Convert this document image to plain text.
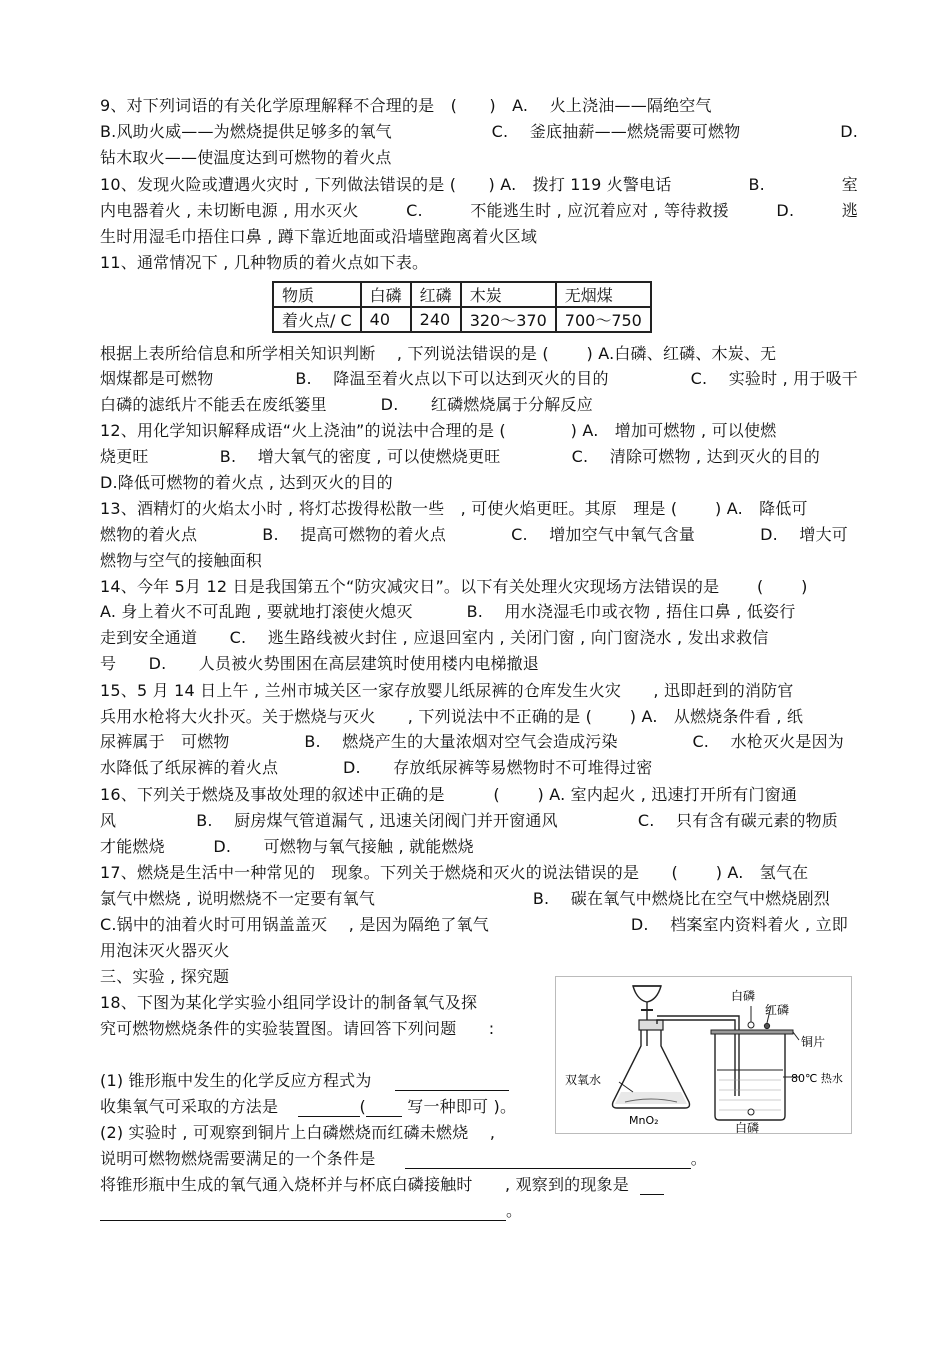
9、对下列词语的有关化学原理解释不合理的是　(　　)　A.　 火上浇油——隔绝空气
B.风助火威——为燃烧提供足够多的氧气	C.　 釜底抽薪——燃烧需要可燃物	D.
钻木取火——使温度达到可燃物的着火点
10、发现火险或遭遇火灾时 , 下列做法错误的是 (　　) A.　拨打 119 火警电话	B.	室
内电器着火 , 未切断电源 , 用水灭火	C.	不能逃生时 , 应沉着应对 , 等待救援	D.	逃
生时用湿毛巾捂住口鼻 , 蹲下靠近地面或沿墙壁跑离着火区域
11、通常情况下 , 几种物质的着火点如下表。
物质	白磷	红磷	木炭	无烟煤
着火点/ C	40	240	320～370	700～750
根据上表所给信息和所学相关知识判断　 , 下列说法错误的是 (　　 ) A.白磷、红磷、木炭、无
烟煤都是可燃物	B.　 降温至着火点以下可以达到灭火的目的	C.　 实验时 , 用于吸干
白磷的滤纸片不能丢在废纸篓里　　　 D.　　红磷燃烧属于分解反应
12、用化学知识解释成语“火上浇油”的说法中合理的是 (　　　　) A.　增加可燃物 , 可以使燃
烧更旺	B.　 增大氧气的密度 , 可以使燃烧更旺	C.　 清除可燃物 , 达到灭火的目的
D.降低可燃物的着火点 , 达到灭火的目的
13、酒精灯的火焰太小时 , 将灯芯拨得松散一些　, 可使火焰更旺。其原　理是 (　　 ) A.　降低可
燃物的着火点	B.　 提高可燃物的着火点	C.　 增加空气中氧气含量	D.　 增大可
燃物与空气的接触面积
14、今年 5月 12 日是我国第五个“防灾减灾日”。以下有关处理火灾现场方法错误的是　　 (　　 )
A. 身上着火不可乱跑 , 要就地打滚使火熄灭　　　 B.　 用水浇湿毛巾或衣物 , 捂住口鼻 , 低姿行
走到安全通道　　C.　 逃生路线被火封住 , 应退回室内 , 关闭门窗 , 向门窗浇水 , 发出求救信
号　　D.　　人员被火势围困在高层建筑时使用楼内电梯撤退
15、5 月 14 日上午 , 兰州市城关区一家存放婴儿纸尿裤的仓库发生火灾　　, 迅即赶到的消防官
兵用水枪将大火扑灭。关于燃烧与灭火　　, 下列说法中不正确的是 (　　 ) A.　从燃烧条件看 , 纸
尿裤属于　可燃物	B.　 燃烧产生的大量浓烟对空气会造成污染	C.　 水枪灭火是因为
水降低了纸尿裤的着火点　　　　D.　　存放纸尿裤等易燃物时不可堆得过密
16、下列关于燃烧及事故处理的叙述中正确的是　　　(　　 ) A. 室内起火 , 迅速打开所有门窗通
风	B.　 厨房煤气管道漏气 , 迅速关闭阀门并开窗通风	C.　 只有含有碳元素的物质
才能燃烧　　　D.　　可燃物与氧气接触 , 就能燃烧
17、燃烧是生活中一种常见的　现象。下列关于燃烧和灭火的说法错误的是　　(　　 ) A.　氢气在
氯气中燃烧 , 说明燃烧不一定要有氧气	B.　 碳在氧气中燃烧比在空气中燃烧剧烈
C.锅中的油着火时可用锅盖盖灭　 , 是因为隔绝了氧气	D.　 档案室内资料着火 , 立即
用泡沫灭火器灭火
三、实验 , 探究题
18、下图为某化学实验小组同学设计的制备氧气及探
究可燃物燃烧条件的实验装置图。请回答下列问题　　:
(1) 锥形瓶中发生的化学反应方程式为
收集氧气可采取的方法是	(	写一种即可 )。
(2) 实验时 , 可观察到铜片上白磷燃烧而红磷未燃烧　 ,
说明可燃物燃烧需要满足的一个条件是	。
将锥形瓶中生成的氧气通入烧杯并与杯底白磷接触时　　, 观察到的现象是
。
白磷
红磷
铜片
双氧水	80℃ 热水
MnO₂
白磷
